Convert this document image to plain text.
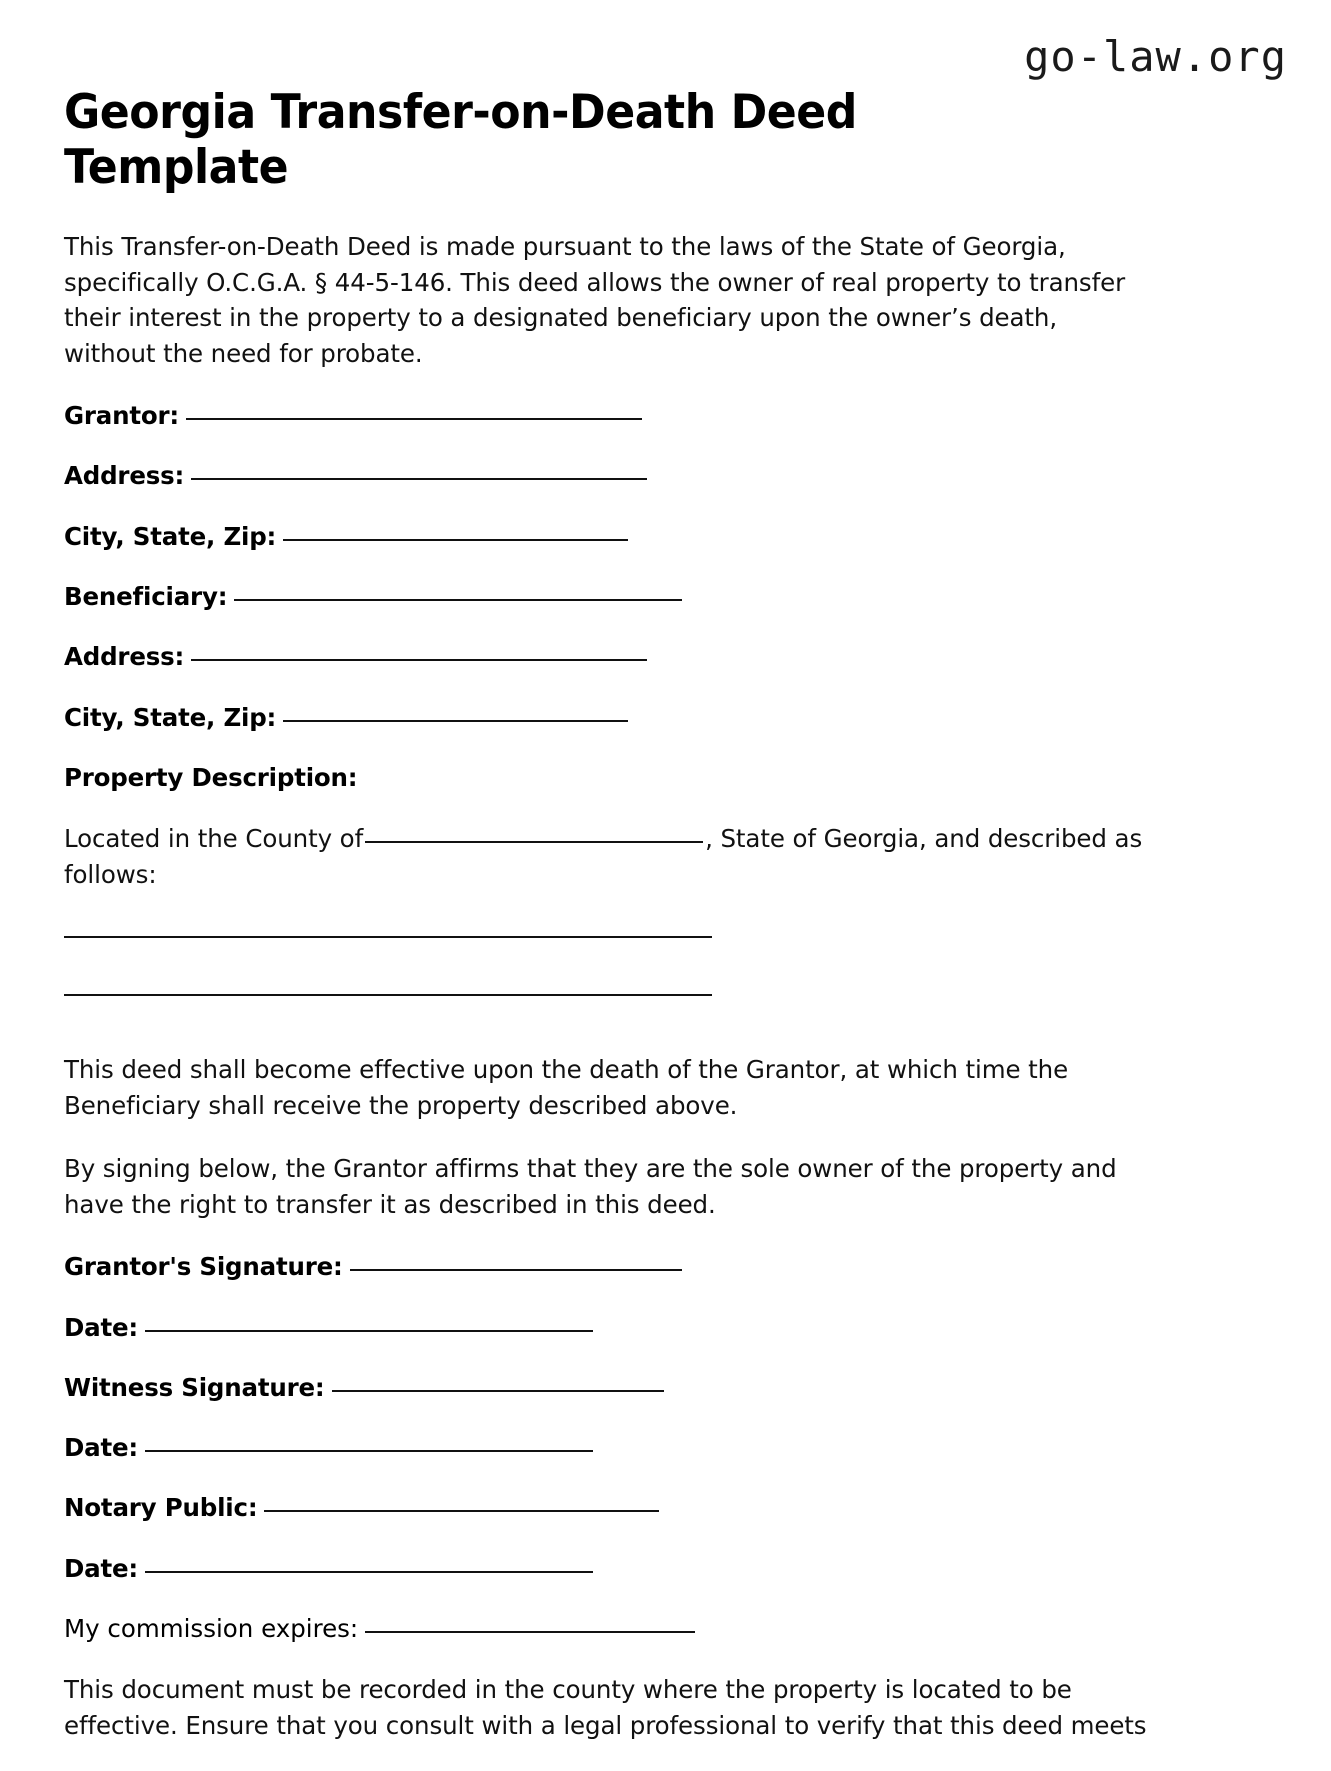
go-law.org
Georgia Transfer-on-Death Deed Template

This Transfer-on-Death Deed is made pursuant to the laws of the State of Georgia, specifically O.C.G.A. § 44-5-146. This deed allows the owner of real property to transfer their interest in the property to a designated beneficiary upon the owner’s death, without the need for probate.

Grantor:
Address:
City, State, Zip:
Beneficiary:
Address:
City, State, Zip:
Property Description:

Located in the County of	, State of Georgia, and described as follows:

This deed shall become effective upon the death of the Grantor, at which time the Beneficiary shall receive the property described above.

By signing below, the Grantor affirms that they are the sole owner of the property and have the right to transfer it as described in this deed.

Grantor's Signature:
Date:
Witness Signature:
Date:
Notary Public:
Date:
My commission expires:

This document must be recorded in the county where the property is located to be effective. Ensure that you consult with a legal professional to verify that this deed meets
